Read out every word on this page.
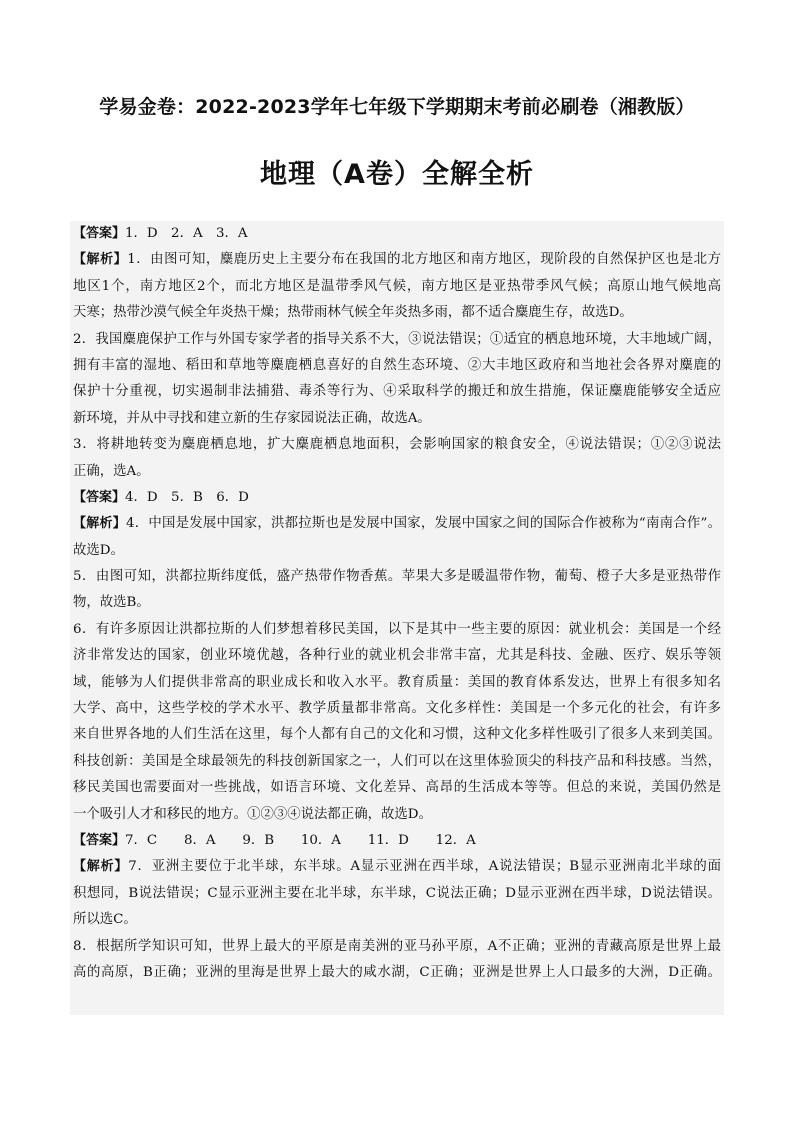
学易金卷：2022-2023学年七年级下学期期末考前必刷卷（湘教版）
地理（A卷）全解全析
【答案】1．D　2．A　3．A
【解析】1．由图可知，麋鹿历史上主要分布在我国的北方地区和南方地区，现阶段的自然保护区也是北方
地区1个，南方地区2个，而北方地区是温带季风气候，南方地区是亚热带季风气候；高原山地气候地高
天寒；热带沙漠气候全年炎热干燥；热带雨林气候全年炎热多雨，都不适合麋鹿生存，故选D。
2．我国麋鹿保护工作与外国专家学者的指导关系不大，③说法错误；①适宜的栖息地环境，大丰地域广阔，
拥有丰富的湿地、稻田和草地等麋鹿栖息喜好的自然生态环境、②大丰地区政府和当地社会各界对麋鹿的
保护十分重视，切实遏制非法捕猎、毒杀等行为、④采取科学的搬迁和放生措施，保证麋鹿能够安全适应
新环境，并从中寻找和建立新的生存家园说法正确，故选A。
3．将耕地转变为麋鹿栖息地，扩大麋鹿栖息地面积，会影响国家的粮食安全，④说法错误；①②③说法
正确，选A。
【答案】4．D　5．B　6．D
【解析】4．中国是发展中国家，洪都拉斯也是发展中国家，发展中国家之间的国际合作被称为“南南合作”。
故选D。
5．由图可知，洪都拉斯纬度低，盛产热带作物香蕉。苹果大多是暖温带作物，葡萄、橙子大多是亚热带作
物，故选B。
6．有许多原因让洪都拉斯的人们梦想着移民美国，以下是其中一些主要的原因：就业机会：美国是一个经
济非常发达的国家，创业环境优越，各种行业的就业机会非常丰富，尤其是科技、金融、医疗、娱乐等领
域，能够为人们提供非常高的职业成长和收入水平。教育质量：美国的教育体系发达，世界上有很多知名
大学、高中，这些学校的学术水平、教学质量都非常高。文化多样性：美国是一个多元化的社会，有许多
来自世界各地的人们生活在这里，每个人都有自己的文化和习惯，这种文化多样性吸引了很多人来到美国。
科技创新：美国是全球最领先的科技创新国家之一，人们可以在这里体验顶尖的科技产品和科技感。当然，
移民美国也需要面对一些挑战，如语言环境、文化差异、高昂的生活成本等等。但总的来说，美国仍然是
一个吸引人才和移民的地方。①②③④说法都正确，故选D。
【答案】7．C　　8．A　　9．B　　10．A　　11．D　　12．A
【解析】7．亚洲主要位于北半球，东半球。A显示亚洲在西半球，A说法错误；B显示亚洲南北半球的面
积想同，B说法错误；C显示亚洲主要在北半球，东半球，C说法正确；D显示亚洲在西半球，D说法错误。
所以选C。
8．根据所学知识可知，世界上最大的平原是南美洲的亚马孙平原，A不正确；亚洲的青藏高原是世界上最
高的高原，B正确；亚洲的里海是世界上最大的咸水湖，C正确；亚洲是世界上人口最多的大洲，D正确。
